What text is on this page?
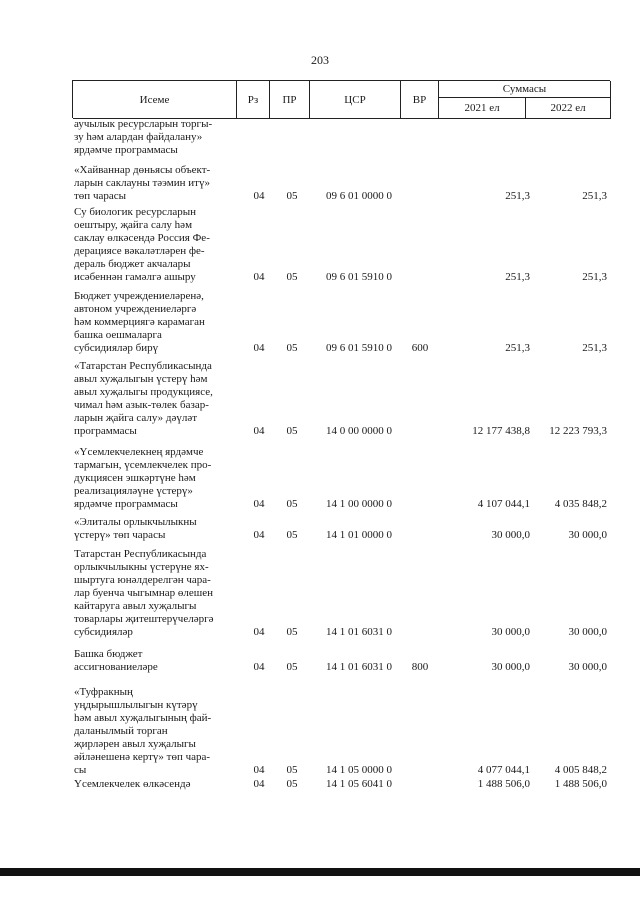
203
Исеме	Рз	ПР	ЦСР	ВР
Суммасы
2021 ел	2022 ел
аучылык ресурсларын торгы-
зу һәм алардан файдалану»
ярдәмче программасы
«Хайваннар дөньясы объект-
ларын саклауны тәэмин итү»
төп чарасы	04	05	09 6 01 0000 0	251,3	251,3
Су биологик ресурсларын
оештыру, җайга салу һәм
саклау өлкәсендә Россия Фе-
дерациясе вәкаләтләрен фе-
дераль бюджет акчалары
исәбеннән гамәлгә ашыру	04	05	09 6 01 5910 0	251,3	251,3
Бюджет учреждениеләренә,
автоном учреждениеләргә
һәм коммерциягә карамаган
башка оешмаларга
субсидияләр бирү	04	05	09 6 01 5910 0	600	251,3	251,3
«Татарстан Республикасында
авыл хуҗалыгын үстерү һәм
авыл хуҗалыгы продукциясе,
чимал һәм азык-төлек базар-
ларын җайга салу» дәүләт
программасы	04	05	14 0 00 0000 0	12 177 438,8	12 223 793,3
«Үсемлекчелекнең ярдәмче
тармагын, үсемлекчелек про-
дукциясен эшкәртүне һәм
реализацияләүне үстерү»
ярдәмче программасы	04	05	14 1 00 0000 0	4 107 044,1	4 035 848,2
«Элиталы орлыкчылыкны
үстерү» төп чарасы	04	05	14 1 01 0000 0	30 000,0	30 000,0
Татарстан Республикасында
орлыкчылыкны үстерүне ях-
шыртуга юнәлдерелгән чара-
лар буенча чыгымнар өлешен
кайтаруга авыл хуҗалыгы
товарлары җитештерүчеләргә
субсидияләр	04	05	14 1 01 6031 0	30 000,0	30 000,0
Башка бюджет
ассигнованиеләре	04	05	14 1 01 6031 0	800	30 000,0	30 000,0
«Туфракның
уңдырышлылыгын күтәрү
һәм авыл хуҗалыгының фай-
даланылмый торган
җирләрен авыл хуҗалыгы
әйләнешенә кертү» төп чара-
сы	04	05	14 1 05 0000 0	4 077 044,1	4 005 848,2
Үсемлекчелек өлкәсендә	04	05	14 1 05 6041 0	1 488 506,0	1 488 506,0
